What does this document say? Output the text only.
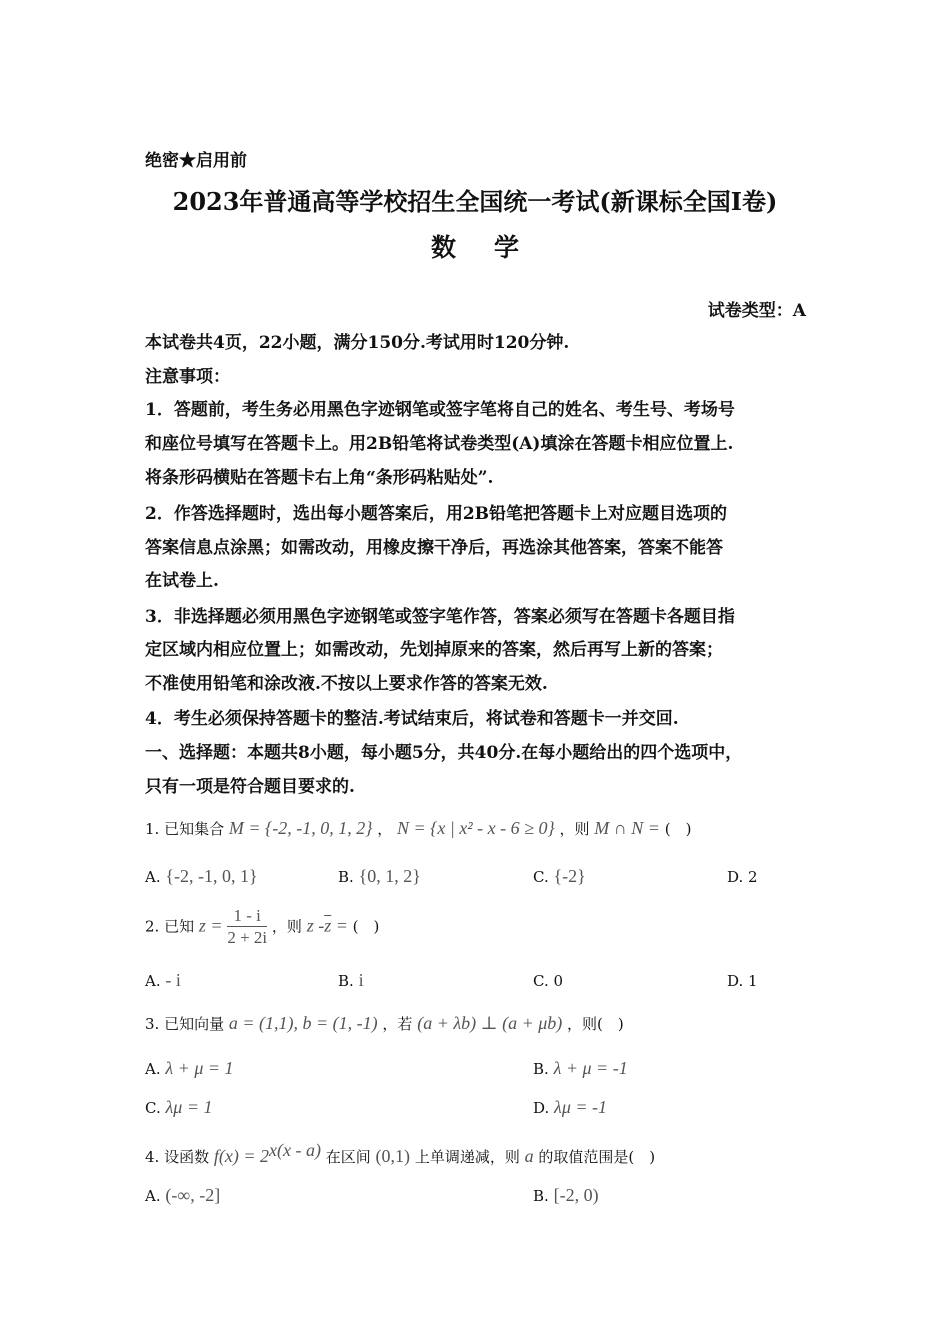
绝密★启用前
2023年普通高等学校招生全国统一考试(新课标全国Ⅰ卷)
数学
试卷类型：A
本试卷共4页，22小题，满分150分.考试用时120分钟.
注意事项：
1．答题前，考生务必用黑色字迹钢笔或签字笔将自己的姓名、考生号、考场号
和座位号填写在答题卡上。用2B铅笔将试卷类型(A)填涂在答题卡相应位置上.
将条形码横贴在答题卡右上角“条形码粘贴处”.
2．作答选择题时，选出每小题答案后，用2B铅笔把答题卡上对应题目选项的
答案信息点涂黑；如需改动，用橡皮擦干净后，再选涂其他答案，答案不能答
在试卷上.
3．非选择题必须用黑色字迹钢笔或签字笔作答，答案必须写在答题卡各题目指
定区域内相应位置上；如需改动，先划掉原来的答案，然后再写上新的答案；
不准使用铅笔和涂改液.不按以上要求作答的答案无效.
4．考生必须保持答题卡的整洁.考试结束后，将试卷和答题卡一并交回.
一、选择题：本题共8小题，每小题5分，共40分.在每小题给出的四个选项中，
只有一项是符合题目要求的.
1. 已知集合 M = {-2, -1, 0, 1, 2} ， N = {x | x² - x - 6 ≥ 0} ，则 M ∩ N = (　)
A. {-2, -1, 0, 1}	B. {0, 1, 2}	C. {-2}	D. 2
2. 已知 $z = \frac{1 - i}{2 + 2i}$ ，则 z $-\overline{z}$ = (　)
A. - i	B. i	C. 0	D. 1
3. 已知向量 a = (1,1), b = (1, -1) ，若 (a + λb) ⊥ (a + μb) ，则(　)
A. λ + μ = 1	B. λ + μ = -1
C. λμ = 1	D. λμ = -1
4. 设函数 $f(x) = 2^{x(x - a)}$ 在区间 (0,1) 上单调递减，则 a 的取值范围是(　)
A. (-∞, -2]	B. [-2, 0)
